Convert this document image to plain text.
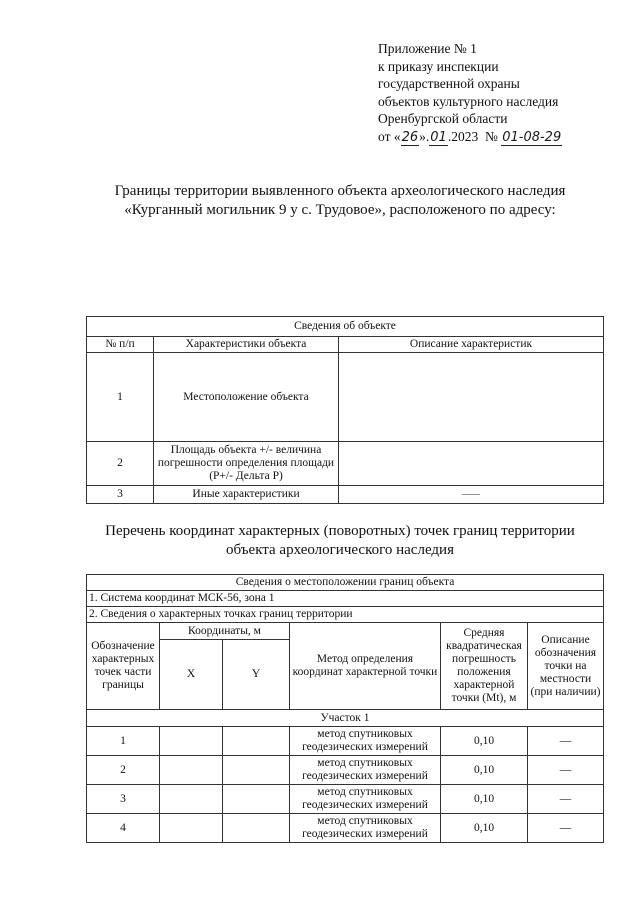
Приложение № 1
к приказу инспекции
государственной охраны
объектов культурного наследия
Оренбургской области
от «26».01.2023 № 01-08-29
Границы территории выявленного объекта археологического наследия
«Курганный могильник 9 у с. Трудовое», расположеного по адресу:
Сведения об объекте		
№ п/п	Характеристики объекта	Описание характеристик
1	Местоположение объекта	
2	Площадь объекта +/- величина погрешности определения площади (Р+/- Дельта Р)	
3	Иные характеристики	——
Перечень координат характерных (поворотных) точек границ территории
объекта археологического наследия
Сведения о местоположении границ объекта					
1. Система координат МСК-56, зона 1					
2. Сведения о характерных точках границ территории					
Обозначение характерных точек части границы	Координаты, м		Метод определения координат характерной точки	Средняя квадратическая погрешность положения характерной точки (Mt), м	Описание обозначения точки на местности (при наличии)
	X	Y			
Участок 1					
1			метод спутниковых геодезических измерений	0,10	—
2			метод спутниковых геодезических измерений	0,10	—
3			метод спутниковых геодезических измерений	0,10	—
4			метод спутниковых геодезических измерений	0,10	—
